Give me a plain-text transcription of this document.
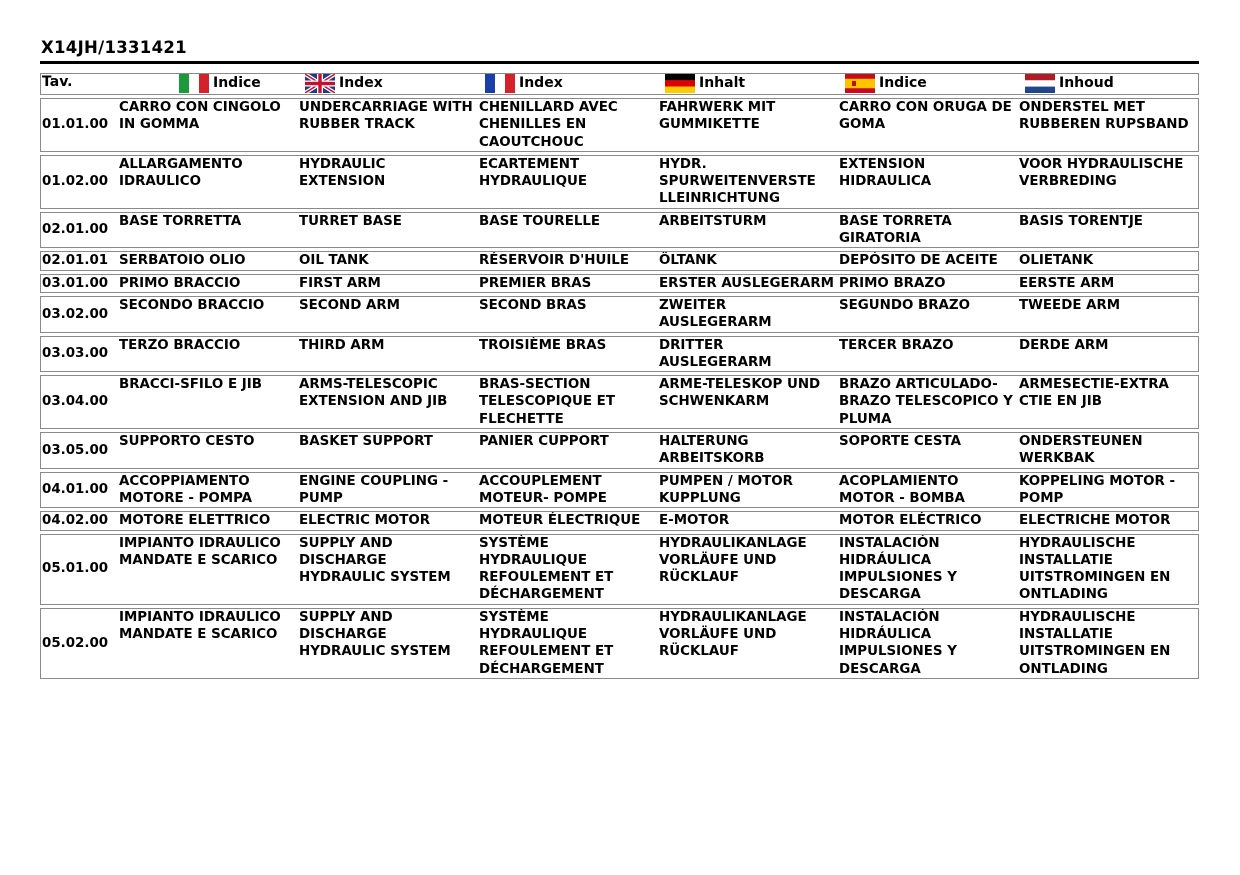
X14JH/1331421
Tav.	Indice	Index	Index	Inhalt	Indice	Inhoud

01.01.00	CARRO CON CINGOLO IN GOMMA	UNDERCARRIAGE WITH RUBBER TRACK	CHENILLARD AVEC CHENILLES EN CAOUTCHOUC	FAHRWERK MIT GUMMIKETTE	CARRO CON ORUGA DE GOMA	ONDERSTEL MET RUBBEREN RUPSBAND
01.02.00	ALLARGAMENTO IDRAULICO	HYDRAULIC EXTENSION	ECARTEMENT HYDRAULIQUE	HYDR. SPURWEITENVERSTE LLEINRICHTUNG	EXTENSION HIDRAULICA	VOOR HYDRAULISCHE VERBREDING
02.01.00	BASE TORRETTA	TURRET BASE	BASE TOURELLE	ARBEITSTURM	BASE TORRETA GIRATORIA	BASIS TORENTJE
02.01.01	SERBATOIO OLIO	OIL TANK	RÉSERVOIR D'HUILE	ÖLTANK	DEPÓSITO DE ACEITE	OLIETANK
03.01.00	PRIMO BRACCIO	FIRST ARM	PREMIER BRAS	ERSTER AUSLEGERARM	PRIMO BRAZO	EERSTE ARM
03.02.00	SECONDO BRACCIO	SECOND ARM	SECOND BRAS	ZWEITER AUSLEGERARM	SEGUNDO BRAZO	TWEEDE ARM
03.03.00	TERZO BRACCIO	THIRD ARM	TROISIÈME BRAS	DRITTER AUSLEGERARM	TERCER BRAZO	DERDE ARM
03.04.00	BRACCI-SFILO E JIB	ARMS-TELESCOPIC EXTENSION AND JIB	BRAS-SECTION TELESCOPIQUE ET FLECHETTE	ARME-TELESKOP UND SCHWENKARM	BRAZO ARTICULADO-BRAZO TELESCOPICO Y PLUMA	ARMESECTIE-EXTRA CTIE EN JIB
03.05.00	SUPPORTO CESTO	BASKET SUPPORT	PANIER CUPPORT	HALTERUNG ARBEITSKORB	SOPORTE CESTA	ONDERSTEUNEN WERKBAK
04.01.00	ACCOPPIAMENTO MOTORE - POMPA	ENGINE COUPLING - PUMP	ACCOUPLEMENT MOTEUR- POMPE	PUMPEN / MOTOR KUPPLUNG	ACOPLAMIENTO MOTOR - BOMBA	KOPPELING MOTOR - POMP
04.02.00	MOTORE ELETTRICO	ELECTRIC MOTOR	MOTEUR ÉLECTRIQUE	E-MOTOR	MOTOR ELÉCTRICO	ELECTRICHE MOTOR
05.01.00	IMPIANTO IDRAULICO MANDATE E SCARICO	SUPPLY AND DISCHARGE HYDRAULIC SYSTEM	SYSTÈME HYDRAULIQUE REFOULEMENT ET DÉCHARGEMENT	HYDRAULIKANLAGE VORLÄUFE UND RÜCKLAUF	INSTALACIÓN HIDRÁULICA IMPULSIONES Y DESCARGA	HYDRAULISCHE INSTALLATIE UITSTROMINGEN EN ONTLADING
05.02.00	IMPIANTO IDRAULICO MANDATE E SCARICO	SUPPLY AND DISCHARGE HYDRAULIC SYSTEM	SYSTÈME HYDRAULIQUE REFOULEMENT ET DÉCHARGEMENT	HYDRAULIKANLAGE VORLÄUFE UND RÜCKLAUF	INSTALACIÓN HIDRÁULICA IMPULSIONES Y DESCARGA	HYDRAULISCHE INSTALLATIE UITSTROMINGEN EN ONTLADING
